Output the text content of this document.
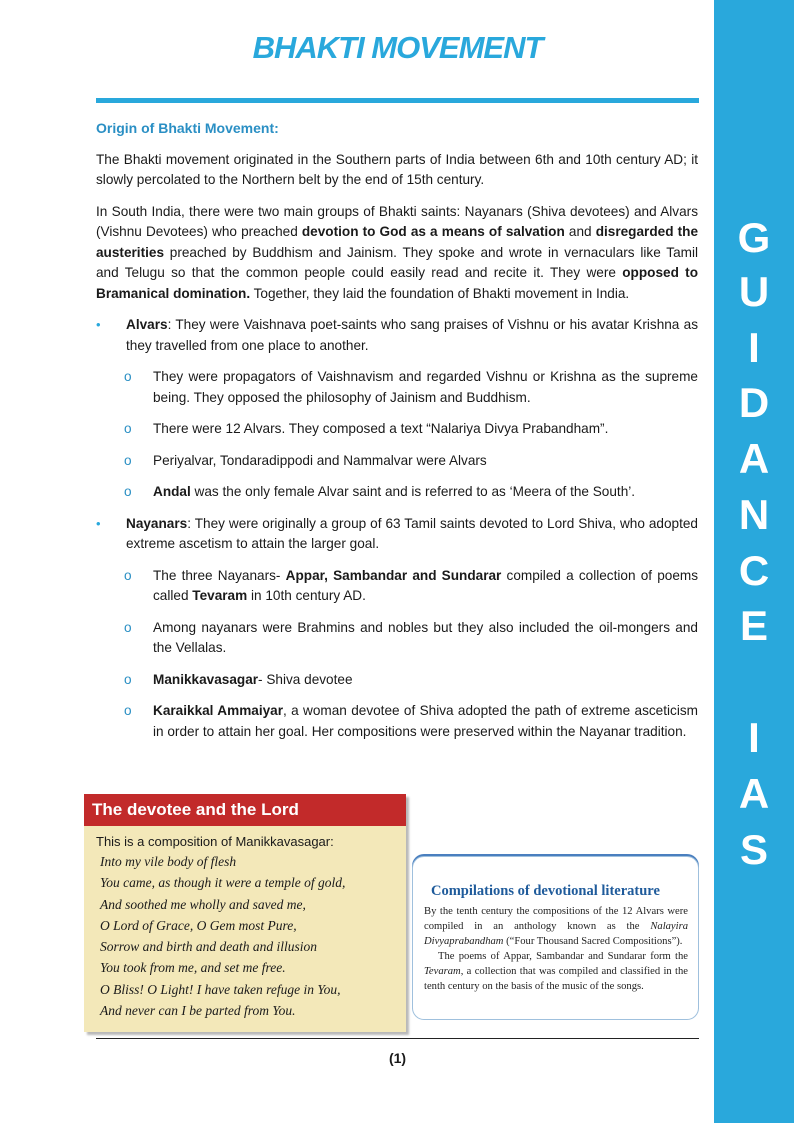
G
U
I
D
A
N
C
E
I
A
S
BHAKTI MOVEMENT
Origin of Bhakti Movement:

The Bhakti movement originated in the Southern parts of India between 6th and 10th century AD; it slowly percolated to the Northern belt by the end of 15th century.

In South India, there were two main groups of Bhakti saints: Nayanars (Shiva devotees) and Alvars (Vishnu Devotees) who preached devotion to God as a means of salvation and disregarded the austerities preached by Buddhism and Jainism. They spoke and wrote in vernaculars like Tamil and Telugu so that the common people could easily read and recite it. They were opposed to Bramanical domination. Together, they laid the foundation of Bhakti movement in India.

• Alvars: They were Vaishnava poet-saints who sang praises of Vishnu or his avatar Krishna as they travelled from one place to another.
o They were propagators of Vaishnavism and regarded Vishnu or Krishna as the supreme being. They opposed the philosophy of Jainism and Buddhism.
o There were 12 Alvars. They composed a text “Nalariya Divya Prabandham”.
o Periyalvar, Tondaradippodi and Nammalvar were Alvars
o Andal was the only female Alvar saint and is referred to as ‘Meera of the South’.
• Nayanars: They were originally a group of 63 Tamil saints devoted to Lord Shiva, who adopted extreme ascetism to attain the larger goal.
o The three Nayanars- Appar, Sambandar and Sundarar compiled a collection of poems called Tevaram in 10th century AD.
o Among nayanars were Brahmins and nobles but they also included the oil-mongers and the Vellalas.
o Manikkavasagar- Shiva devotee
o Karaikkal Ammaiyar, a woman devotee of Shiva adopted the path of extreme asceticism in order to attain her goal. Her compositions were preserved within the Nayanar tradition.
The devotee and the Lord
This is a composition of Manikkavasagar:
Into my vile body of flesh
You came, as though it were a temple of gold,
And soothed me wholly and saved me,
O Lord of Grace, O Gem most Pure,
Sorrow and birth and death and illusion
You took from me, and set me free.
O Bliss! O Light! I have taken refuge in You,
And never can I be parted from You.
Compilations of devotional literature
By the tenth century the compositions of the 12 Alvars were compiled in an anthology known as the Nalayira Divyaprabandham (“Four Thousand Sacred Compositions”).
The poems of Appar, Sambandar and Sundarar form the Tevaram, a collection that was compiled and classified in the tenth century on the basis of the music of the songs.
(1)
